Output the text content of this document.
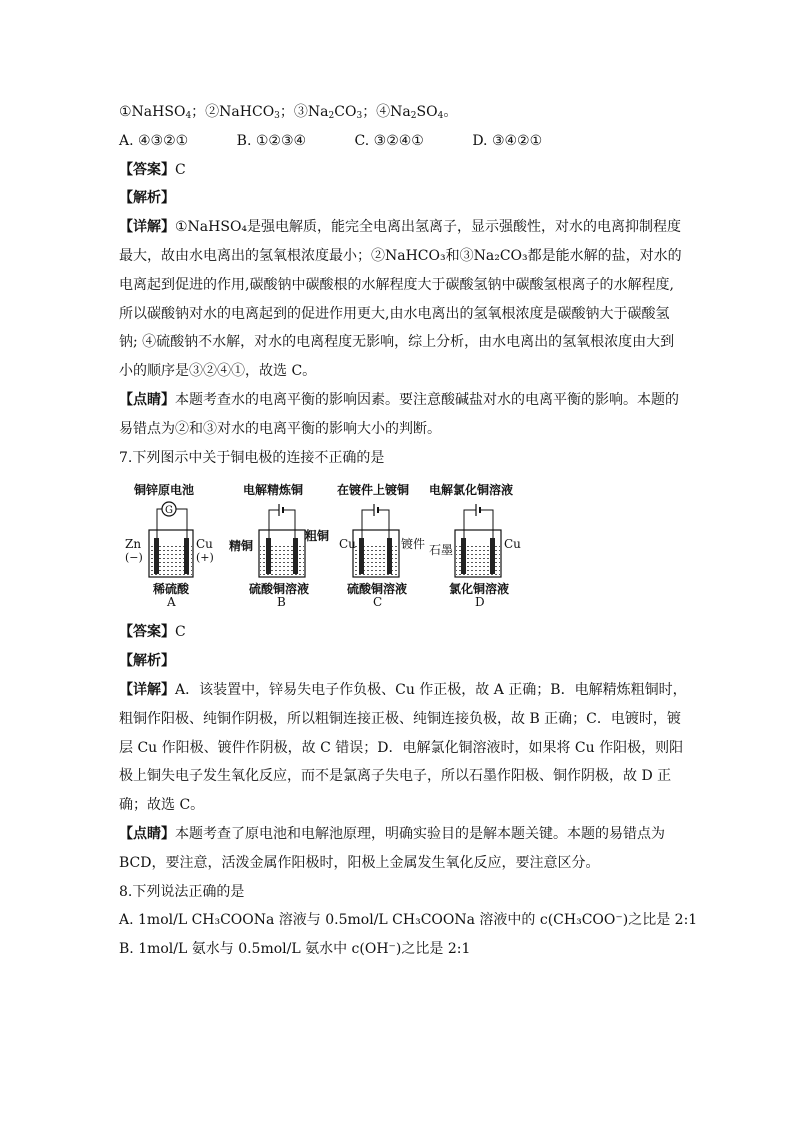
①NaHSO$_4$；②NaHCO$_3$；$③Na_2CO_3$；$④Na_2SO_4$。
A. ④③②①	B. ①②③④	C. ③②④①	D. ③④②①
【答案】C
【解析】
【详解】①NaHSO₄是强电解质，能完全电离出氢离子，显示强酸性，对水的电离抑制程度
最大，故由水电离出的氢氧根浓度最小；②NaHCO₃和③Na₂CO₃都是能水解的盐，对水的
电离起到促进的作用,碳酸钠中碳酸根的水解程度大于碳酸氢钠中碳酸氢根离子的水解程度,
所以碳酸钠对水的电离起到的促进作用更大,由水电离出的氢氧根浓度是碳酸钠大于碳酸氢
钠; ④硫酸钠不水解，对水的电离程度无影响，综上分析，由水电离出的氢氧根浓度由大到
小的顺序是③②④①，故选 C。
【点睛】本题考查水的电离平衡的影响因素。要注意酸碱盐对水的电离平衡的影响。本题的
易错点为②和③对水的电离平衡的影响大小的判断。
7.下列图示中关于铜电极的连接不正确的是
铜锌原电池
G
Zn
(−)
Cu
(+)
稀硫酸
A
电解精炼铜
精铜
粗铜
硫酸铜溶液
B
在镀件上镀铜
Cu	镀件
硫酸铜溶液
C
电解氯化铜溶液
石墨	Cu
氯化铜溶液
D
【答案】C
【解析】
【详解】A．该装置中，锌易失电子作负极、Cu 作正极，故 A 正确；B．电解精炼粗铜时，
粗铜作阳极、纯铜作阴极，所以粗铜连接正极、纯铜连接负极，故 B 正确；C．电镀时，镀
层 Cu 作阳极、镀件作阴极，故 C 错误；D．电解氯化铜溶液时，如果将 Cu 作阳极，则阳
极上铜失电子发生氧化反应，而不是氯离子失电子，所以石墨作阳极、铜作阴极，故 D 正
确；故选 C。
【点睛】本题考查了原电池和电解池原理，明确实验目的是解本题关键。本题的易错点为
BCD，要注意，活泼金属作阳极时，阳极上金属发生氧化反应，要注意区分。
8.下列说法正确的是
A. 1mol/L CH₃COONa 溶液与 0.5mol/L CH₃COONa 溶液中的 c(CH₃COO⁻)之比是 2:1
B. 1mol/L 氨水与 0.5mol/L 氨水中 c(OH⁻)之比是 2:1
